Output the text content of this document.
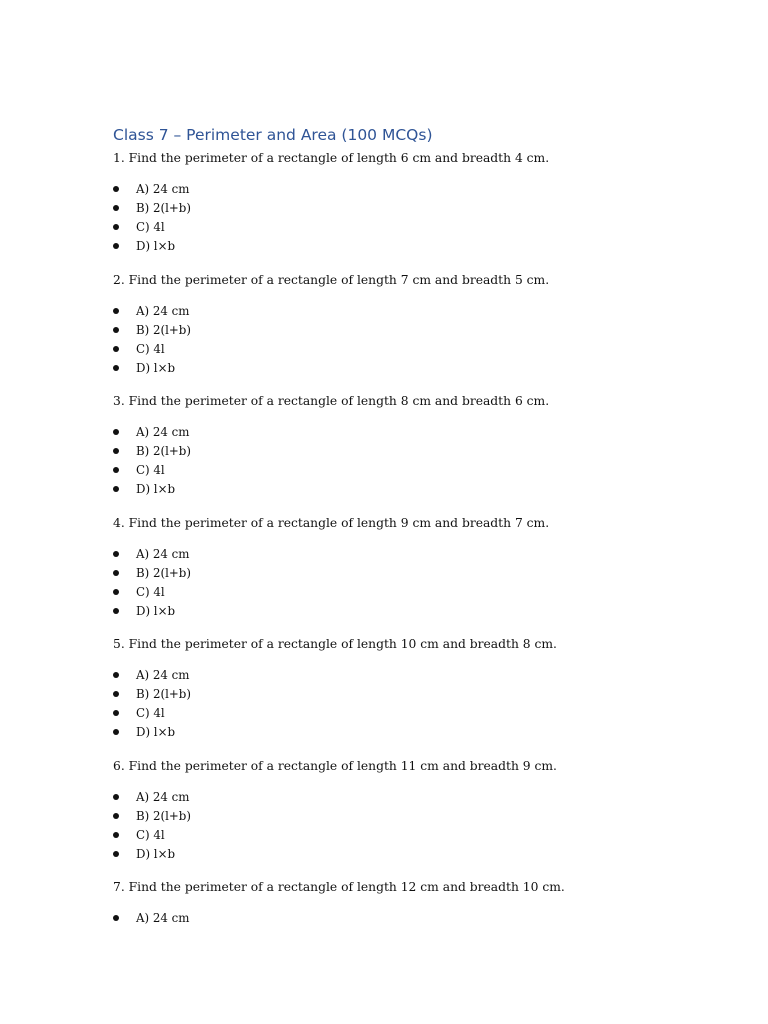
Class 7 – Perimeter and Area (100 MCQs)

1. Find the perimeter of a rectangle of length 6 cm and breadth 4 cm.

A) 24 cm
B) 2(l+b)
C) 4l
D) l×b

2. Find the perimeter of a rectangle of length 7 cm and breadth 5 cm.

A) 24 cm
B) 2(l+b)
C) 4l
D) l×b

3. Find the perimeter of a rectangle of length 8 cm and breadth 6 cm.

A) 24 cm
B) 2(l+b)
C) 4l
D) l×b

4. Find the perimeter of a rectangle of length 9 cm and breadth 7 cm.

A) 24 cm
B) 2(l+b)
C) 4l
D) l×b

5. Find the perimeter of a rectangle of length 10 cm and breadth 8 cm.

A) 24 cm
B) 2(l+b)
C) 4l
D) l×b

6. Find the perimeter of a rectangle of length 11 cm and breadth 9 cm.

A) 24 cm
B) 2(l+b)
C) 4l
D) l×b

7. Find the perimeter of a rectangle of length 12 cm and breadth 10 cm.

A) 24 cm
